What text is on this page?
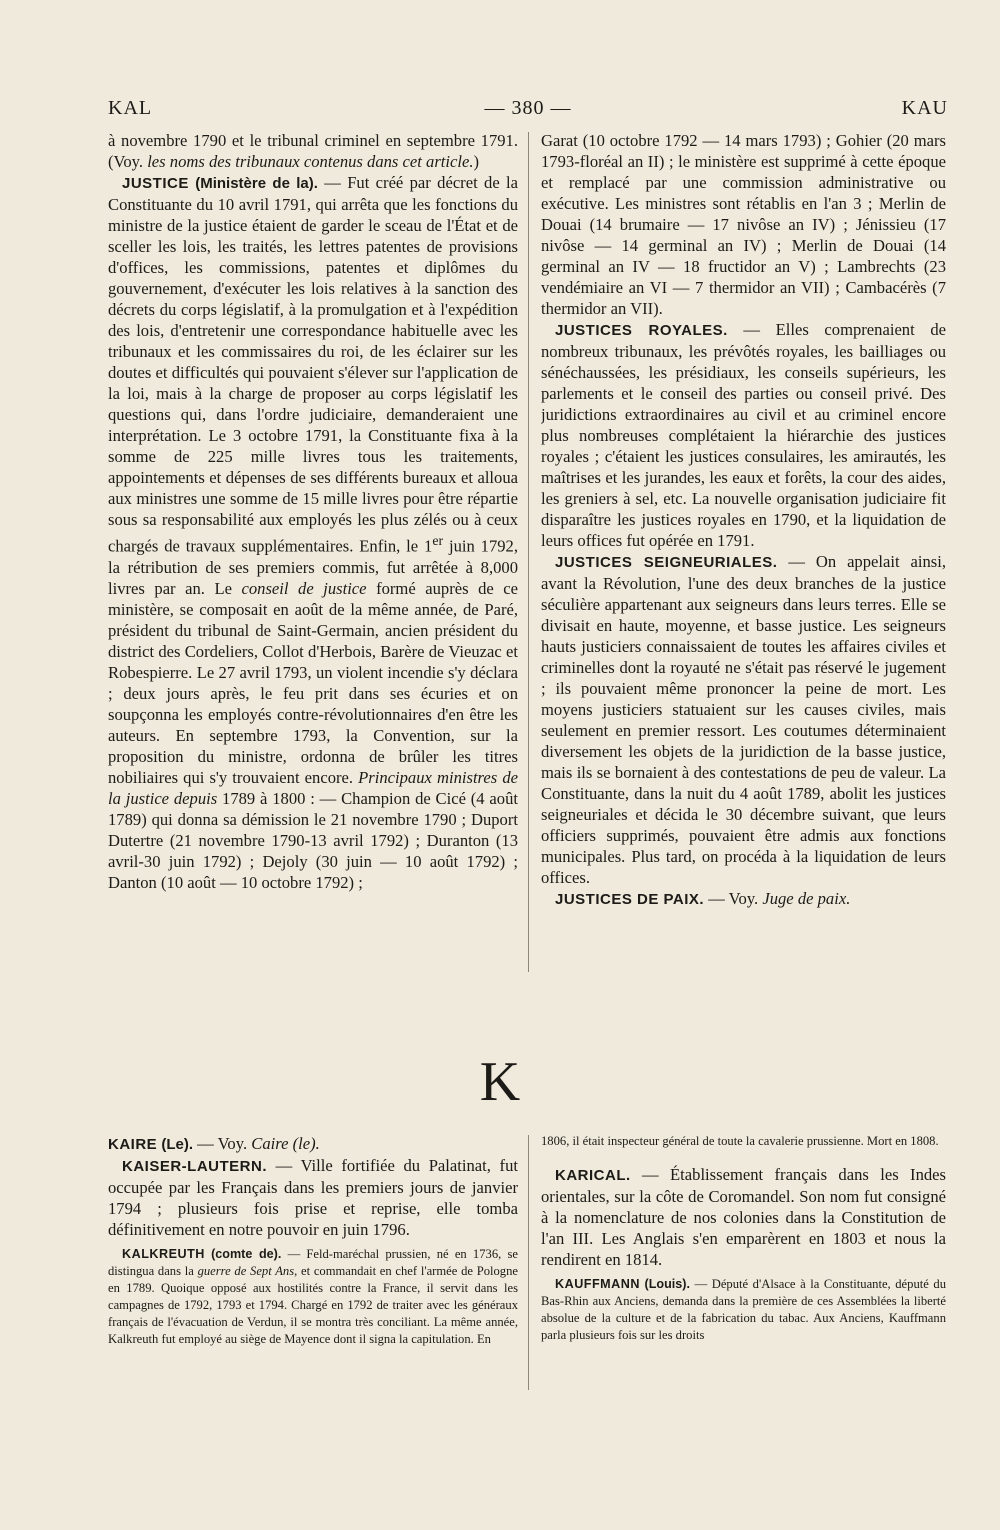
KAL	— 380 —	KAU

à novembre 1790 et le tribunal criminel en septembre 1791. (Voy. les noms des tribunaux contenus dans cet article.)

JUSTICE (Ministère de la). — Fut créé par décret de la Constituante du 10 avril 1791, qui arrêta que les fonctions du ministre de la justice étaient de garder le sceau de l'État et de sceller les lois, les traités, les lettres patentes de provisions d'offices, les commissions, patentes et diplômes du gouvernement, d'exécuter les lois relatives à la sanction des décrets du corps législatif, à la promulgation et à l'expédition des lois, d'entretenir une correspondance habituelle avec les tribunaux et les commissaires du roi, de les éclairer sur les doutes et difficultés qui pouvaient s'élever sur l'application de la loi, mais à la charge de proposer au corps législatif les questions qui, dans l'ordre judiciaire, demanderaient une interprétation. Le 3 octobre 1791, la Constituante fixa à la somme de 225 mille livres tous les traitements, appointements et dépenses de ses différents bureaux et alloua aux ministres une somme de 15 mille livres pour être répartie sous sa responsabilité aux employés les plus zélés ou à ceux chargés de travaux supplémentaires. Enfin, le 1er juin 1792, la rétribution de ses premiers commis, fut arrêtée à 8,000 livres par an. Le conseil de justice formé auprès de ce ministère, se composait en août de la même année, de Paré, président du tribunal de Saint-Germain, ancien président du district des Cordeliers, Collot d'Herbois, Barère de Vieuzac et Robespierre. Le 27 avril 1793, un violent incendie s'y déclara ; deux jours après, le feu prit dans ses écuries et on soupçonna les employés contre-révolutionnaires d'en être les auteurs. En septembre 1793, la Convention, sur la proposition du ministre, ordonna de brûler les titres nobiliaires qui s'y trouvaient encore. Principaux ministres de la justice depuis 1789 à 1800 : — Champion de Cicé (4 août 1789) qui donna sa démission le 21 novembre 1790 ; Duport Dutertre (21 novembre 1790-13 avril 1792) ; Duranton (13 avril-30 juin 1792) ; Dejoly (30 juin — 10 août 1792) ; Danton (10 août — 10 octobre 1792) ;

Garat (10 octobre 1792 — 14 mars 1793) ; Gohier (20 mars 1793-floréal an II) ; le ministère est supprimé à cette époque et remplacé par une commission administrative ou exécutive. Les ministres sont rétablis en l'an 3 ; Merlin de Douai (14 brumaire — 17 nivôse an IV) ; Jénissieu (17 nivôse — 14 germinal an IV) ; Merlin de Douai (14 germinal an IV — 18 fructidor an V) ; Lambrechts (23 vendémiaire an VI — 7 thermidor an VII) ; Cambacérès (7 thermidor an VII).

JUSTICES ROYALES. — Elles comprenaient de nombreux tribunaux, les prévôtés royales, les bailliages ou sénéchaussées, les présidiaux, les conseils supérieurs, les parlements et le conseil des parties ou conseil privé. Des juridictions extraordinaires au civil et au criminel encore plus nombreuses complétaient la hiérarchie des justices royales ; c'étaient les justices consulaires, les amirautés, les maîtrises et les jurandes, les eaux et forêts, la cour des aides, les greniers à sel, etc. La nouvelle organisation judiciaire fit disparaître les justices royales en 1790, et la liquidation de leurs offices fut opérée en 1791.

JUSTICES SEIGNEURIALES. — On appelait ainsi, avant la Révolution, l'une des deux branches de la justice séculière appartenant aux seigneurs dans leurs terres. Elle se divisait en haute, moyenne, et basse justice. Les seigneurs hauts justiciers connaissaient de toutes les affaires civiles et criminelles dont la royauté ne s'était pas réservé le jugement ; ils pouvaient même prononcer la peine de mort. Les moyens justiciers statuaient sur les causes civiles, mais seulement en premier ressort. Les coutumes déterminaient diversement les objets de la juridiction de la basse justice, mais ils se bornaient à des contestations de peu de valeur. La Constituante, dans la nuit du 4 août 1789, abolit les justices seigneuriales et décida le 30 décembre suivant, que leurs officiers supprimés, pouvaient être admis aux fonctions municipales. Plus tard, on procéda à la liquidation de leurs offices.

JUSTICES DE PAIX. — Voy. Juge de paix.

K

KAIRE (Le). — Voy. Caire (le).

KAISER-LAUTERN. — Ville fortifiée du Palatinat, fut occupée par les Français dans les premiers jours de janvier 1794 ; plusieurs fois prise et reprise, elle tomba définitivement en notre pouvoir en juin 1796.

KALKREUTH (comte de). — Feld-maréchal prussien, né en 1736, se distingua dans la guerre de Sept Ans, et commandait en chef l'armée de Pologne en 1789. Quoique opposé aux hostilités contre la France, il servit dans les campagnes de 1792, 1793 et 1794. Chargé en 1792 de traiter avec les généraux français de l'évacuation de Verdun, il se montra très conciliant. La même année, Kalkreuth fut employé au siège de Mayence dont il signa la capitulation. En

1806, il était inspecteur général de toute la cavalerie prussienne. Mort en 1808.

KARICAL. — Établissement français dans les Indes orientales, sur la côte de Coromandel. Son nom fut consigné à la nomenclature de nos colonies dans la Constitution de l'an III. Les Anglais s'en emparèrent en 1803 et nous la rendirent en 1814.

KAUFFMANN (Louis). — Député d'Alsace à la Constituante, député du Bas-Rhin aux Anciens, demanda dans la première de ces Assemblées la liberté absolue de la culture et de la fabrication du tabac. Aux Anciens, Kauffmann parla plusieurs fois sur les droits
